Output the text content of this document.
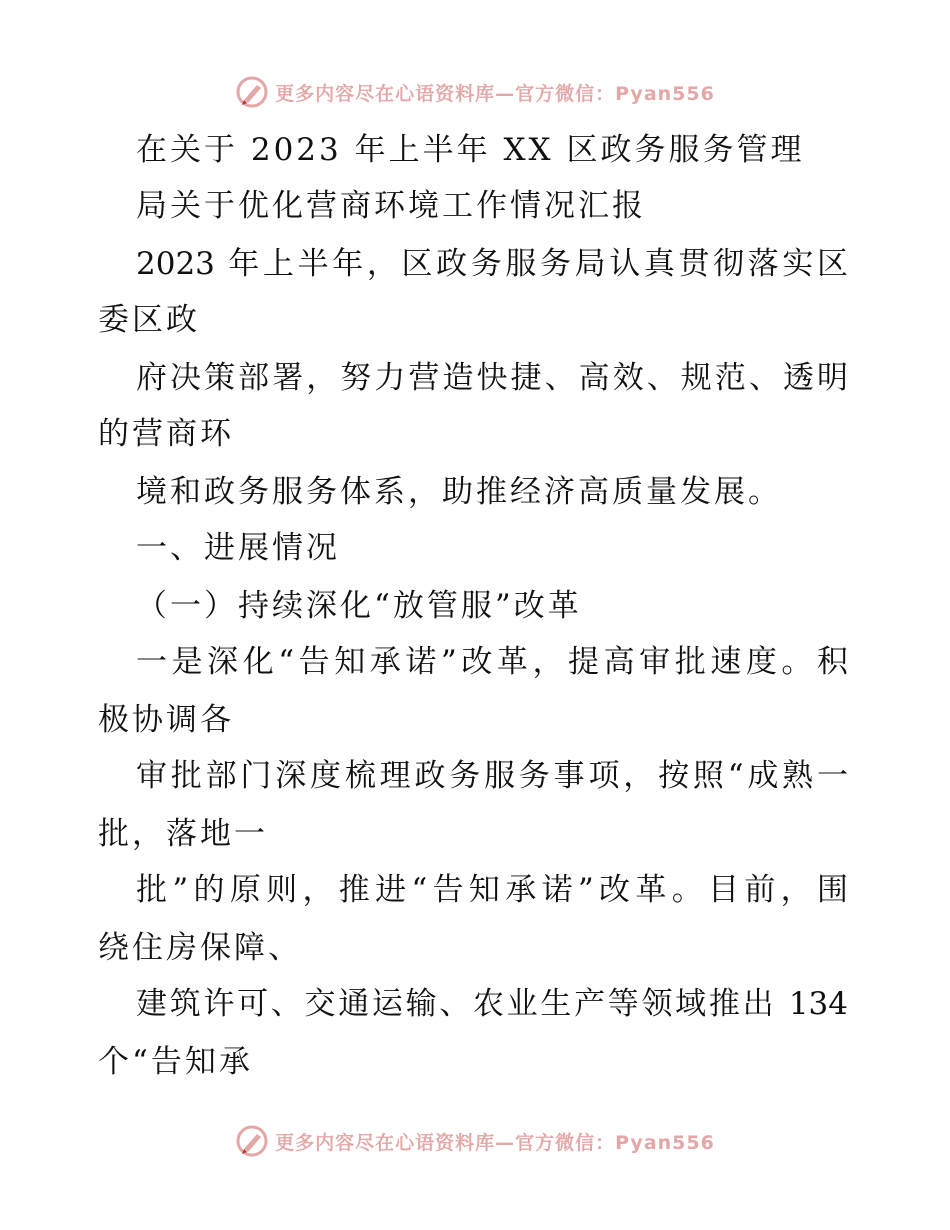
更多内容尽在心语资料库—官方微信：Pyan556
在关于 2023 年上半年 XX 区政务服务管理
局关于优化营商环境工作情况汇报
2023 年上半年，区政务服务局认真贯彻落实区
委区政
府决策部署，努力营造快捷、高效、规范、透明
的营商环
境和政务服务体系，助推经济高质量发展。
一、进展情况
（一）持续深化“放管服”改革
一是深化“告知承诺”改革，提高审批速度。积
极协调各
审批部门深度梳理政务服务事项，按照“成熟一
批，落地一
批”的原则，推进“告知承诺”改革。目前，围
绕住房保障、
建筑许可、交通运输、农业生产等领域推出 134
个“告知承
更多内容尽在心语资料库—官方微信：Pyan556
